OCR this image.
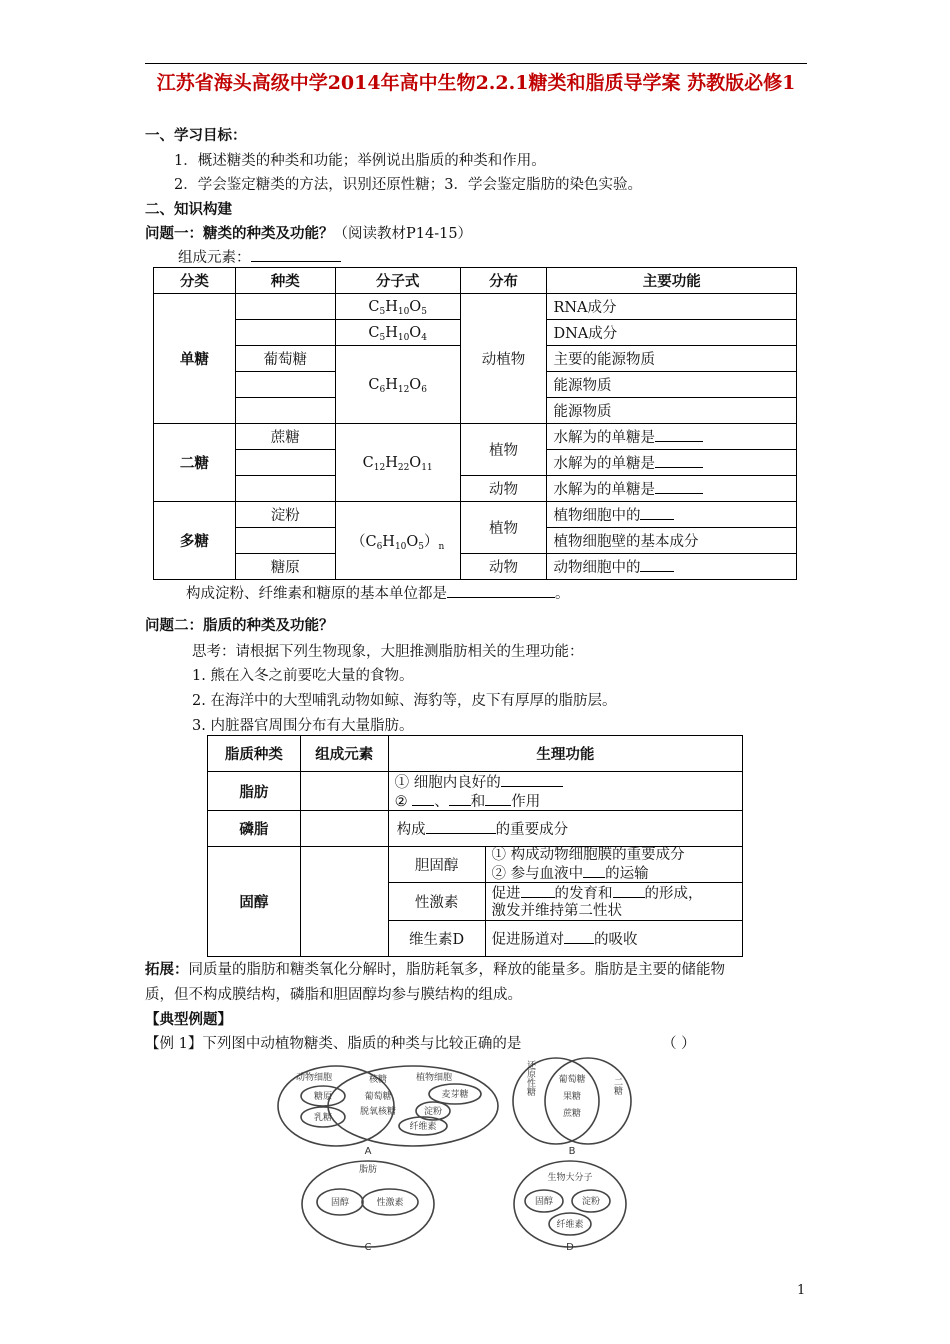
江苏省海头高级中学2014年高中生物2.2.1糖类和脂质导学案 苏教版必修1
一、学习目标：
1．概述糖类的种类和功能；举例说出脂质的种类和作用。
2．学会鉴定糖类的方法，识别还原性糖；3．学会鉴定脂肪的染色实验。
二、知识构建
问题一：糖类的种类及功能？（阅读教材P14-15）
组成元素：
分类	种类	分子式	分布	主要功能
单糖		$C_5H_{10}O_5$	动植物	RNA成分
		$C_5H_{10}O_4$		DNA成分
	葡萄糖	$C_6H_{12}O_6$		主要的能源物质
				能源物质
				能源物质
二糖	蔗糖	$C_{12}H_{22}O_{11}$	植物	水解为的单糖是
				水解为的单糖是
			动物	水解为的单糖是
多糖	淀粉	$(C_6H_{10}O_5)_n$	植物	植物细胞中的
				植物细胞壁的基本成分
	糖原		动物	动物细胞中的
构成淀粉、纤维素和糖原的基本单位都是	。
问题二：脂质的种类及功能？
思考：请根据下列生物现象，大胆推测脂肪相关的生理功能：
1. 熊在入冬之前要吃大量的食物。
2. 在海洋中的大型哺乳动物如鲸、海豹等，皮下有厚厚的脂肪层。
3. 内脏器官周围分布有大量脂肪。
脂质种类	组成元素	生理功能	
脂肪		① 细胞内良好的
② 、 和 作用	
磷脂		构成 的重要成分	
固醇		胆固醇	① 构成动物细胞膜的重要成分
② 参与血液中 的运输
		性激素	促进 的发育和 的形成，
激发并维持第二性状
		维生素D	促进肠道对 的吸收
拓展：同质量的脂肪和糖类氧化分解时，脂肪耗氧多，释放的能量多。脂肪是主要的储能物
质，但不构成膜结构，磷脂和胆固醇均参与膜结构的组成。
【典型例题】
【例 1】下列图中动植物糖类、脂质的种类与比较正确的是	（ ）
动物细胞	核糖	植物细胞
糖原
乳糖
葡萄糖
脱氧核糖
麦芽糖
淀粉
纤维素
A
葡萄糖
果糖
蔗糖
还原性糖	二糖
B
脂肪
固醇	性激素
C
生物大分子
固醇	淀粉
纤维素
D
1
